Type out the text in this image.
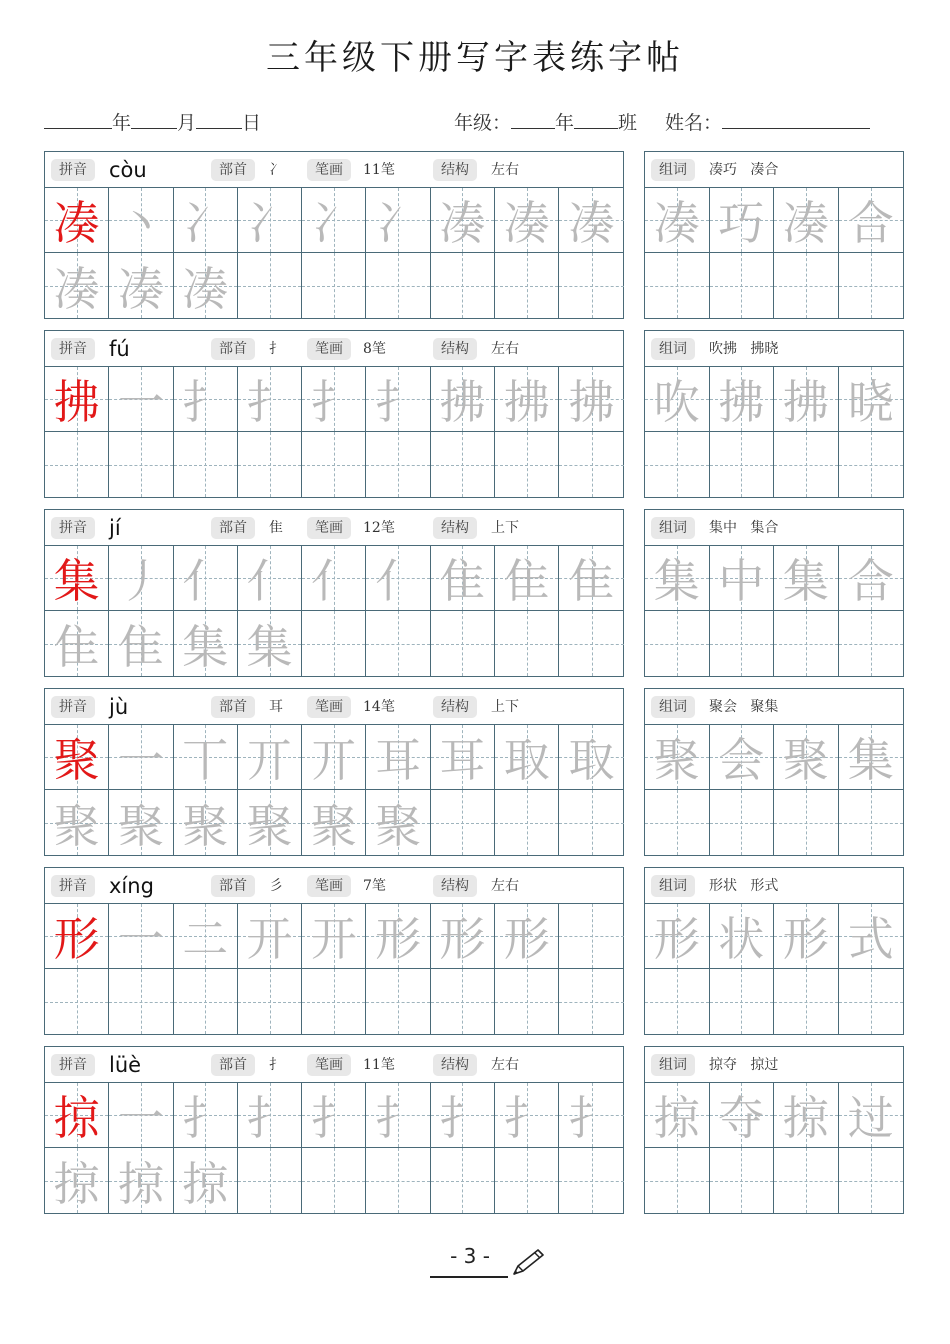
三年级下册写字表练字帖
年 月 日	年级： 年 班 姓名：
拼音	còu	部首	冫	笔画	11笔	结构	左右
凑 丶 冫 冫 冫 冫 凑 凑 凑
凑 凑 凑
组词	凑巧   凑合
凑 巧 凑 合
拼音	fú	部首	扌	笔画	8笔	结构	左右
拂 一 扌 扌 扌 扌 拂 拂 拂
组词	吹拂   拂晓
吹 拂 拂 晓
拼音	jí	部首	隹	笔画	12笔	结构	上下
集 丿 亻 亻 亻 亻 隹 隹 隹
隹 隹 集 集
组词	集中   集合
集 中 集 合
拼音	jù	部首	耳	笔画	14笔	结构	上下
聚 一 丅 丌 丌 耳 耳 取 取
聚 聚 聚 聚 聚 聚
组词	聚会   聚集
聚 会 聚 集
拼音	xíng	部首	彡	笔画	7笔	结构	左右
形 一 二 开 开 形 形 形
组词	形状   形式
形 状 形 式
拼音	lüè	部首	扌	笔画	11笔	结构	左右
掠 一 扌 扌 扌 扌 扌 扌 扌
掠 掠 掠
组词	掠夺   掠过
掠 夺 掠 过
- 3 -
